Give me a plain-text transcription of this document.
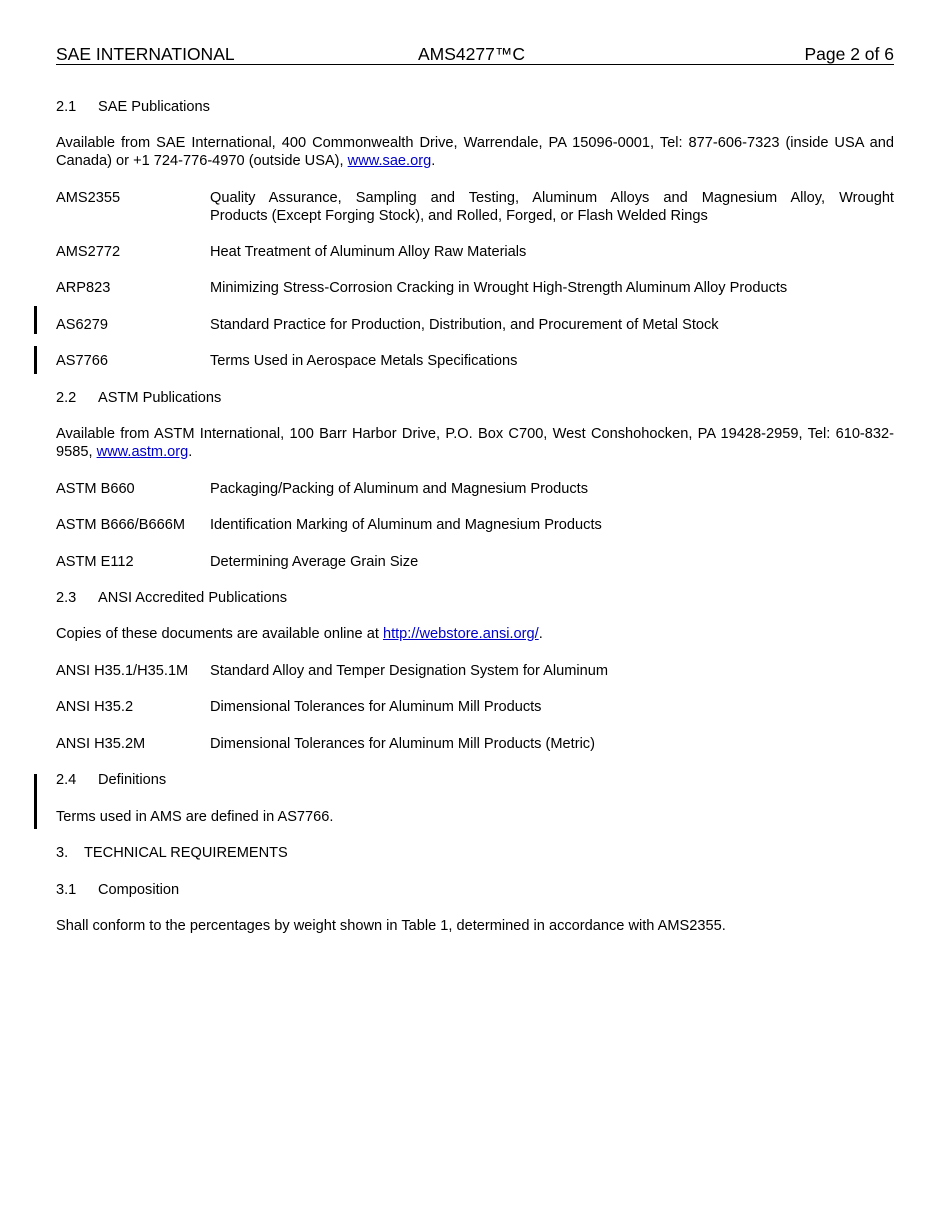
SAE INTERNATIONAL	AMS4277™C	Page 2 of 6
2.1 SAE Publications
Available from SAE International, 400 Commonwealth Drive, Warrendale, PA 15096-0001, Tel: 877-606-7323 (inside USA and Canada) or +1 724-776-4970 (outside USA), www.sae.org.
AMS2355	Quality Assurance, Sampling and Testing, Aluminum Alloys and Magnesium Alloy, Wrought
Products (Except Forging Stock), and Rolled, Forged, or Flash Welded Rings
AMS2772	Heat Treatment of Aluminum Alloy Raw Materials
ARP823	Minimizing Stress-Corrosion Cracking in Wrought High-Strength Aluminum Alloy Products
AS6279	Standard Practice for Production, Distribution, and Procurement of Metal Stock
AS7766	Terms Used in Aerospace Metals Specifications
2.2 ASTM Publications
Available from ASTM International, 100 Barr Harbor Drive, P.O. Box C700, West Conshohocken, PA 19428-2959, Tel: 610-832-9585, www.astm.org.
ASTM B660	Packaging/Packing of Aluminum and Magnesium Products
ASTM B666/B666M	Identification Marking of Aluminum and Magnesium Products
ASTM E112	Determining Average Grain Size
2.3 ANSI Accredited Publications
Copies of these documents are available online at http://webstore.ansi.org/.
ANSI H35.1/H35.1M	Standard Alloy and Temper Designation System for Aluminum
ANSI H35.2	Dimensional Tolerances for Aluminum Mill Products
ANSI H35.2M	Dimensional Tolerances for Aluminum Mill Products (Metric)
2.4 Definitions
Terms used in AMS are defined in AS7766.
3. TECHNICAL REQUIREMENTS
3.1 Composition
Shall conform to the percentages by weight shown in Table 1, determined in accordance with AMS2355.
